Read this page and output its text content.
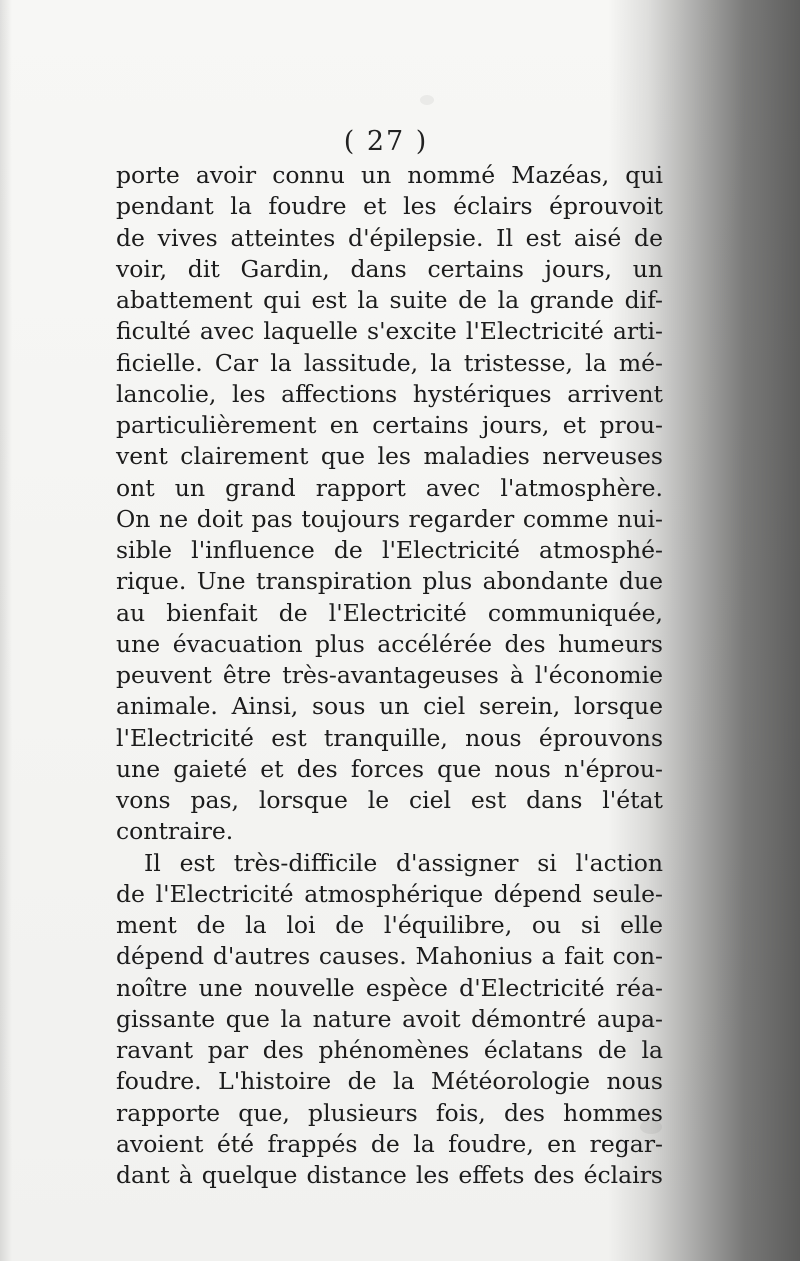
( 27 )
porte avoir connu un nommé Mazéas, qui
pendant la foudre et les éclairs éprouvoit
de vives atteintes d'épilepsie. Il est aisé de
voir, dit Gardin, dans certains jours, un
abattement qui est la suite de la grande dif-
ficulté avec laquelle s'excite l'Electricité arti-
ficielle. Car la lassitude, la tristesse, la mé-
lancolie, les affections hystériques arrivent
particulièrement en certains jours, et prou-
vent clairement que les maladies nerveuses
ont un grand rapport avec l'atmosphère.
On ne doit pas toujours regarder comme nui-
sible l'influence de l'Electricité atmosphé-
rique. Une transpiration plus abondante due
au bienfait de l'Electricité communiquée,
une évacuation plus accélérée des humeurs
peuvent être très-avantageuses à l'économie
animale. Ainsi, sous un ciel serein, lorsque
l'Electricité est tranquille, nous éprouvons
une gaieté et des forces que nous n'éprou-
vons pas, lorsque le ciel est dans l'état
contraire.
Il est très-difficile d'assigner si l'action
de l'Electricité atmosphérique dépend seule-
ment de la loi de l'équilibre, ou si elle
dépend d'autres causes. Mahonius a fait con-
noître une nouvelle espèce d'Electricité réa-
gissante que la nature avoit démontré aupa-
ravant par des phénomènes éclatans de la
foudre. L'histoire de la Météorologie nous
rapporte que, plusieurs fois, des hommes
avoient été frappés de la foudre, en regar-
dant à quelque distance les effets des éclairs
